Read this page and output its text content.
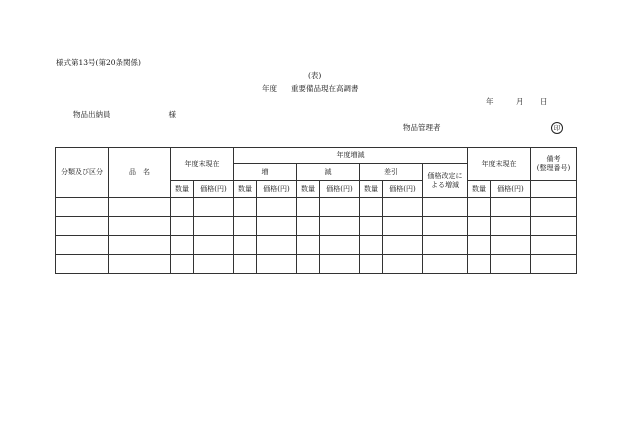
様式第13号(第20条関係)
(表)
年度 重要備品現在高調書
年	月 日
物品出納員	様
物品管理者	印
分類及び区分	品　名	年度末現在		年度増減							年度末現在		備考
(整理番号)
				増		減		差引		価格改定による増減			
		数量	価格(円)	数量	価格(円)	数量	価格(円)	数量	価格(円)		数量	価格(円)	
